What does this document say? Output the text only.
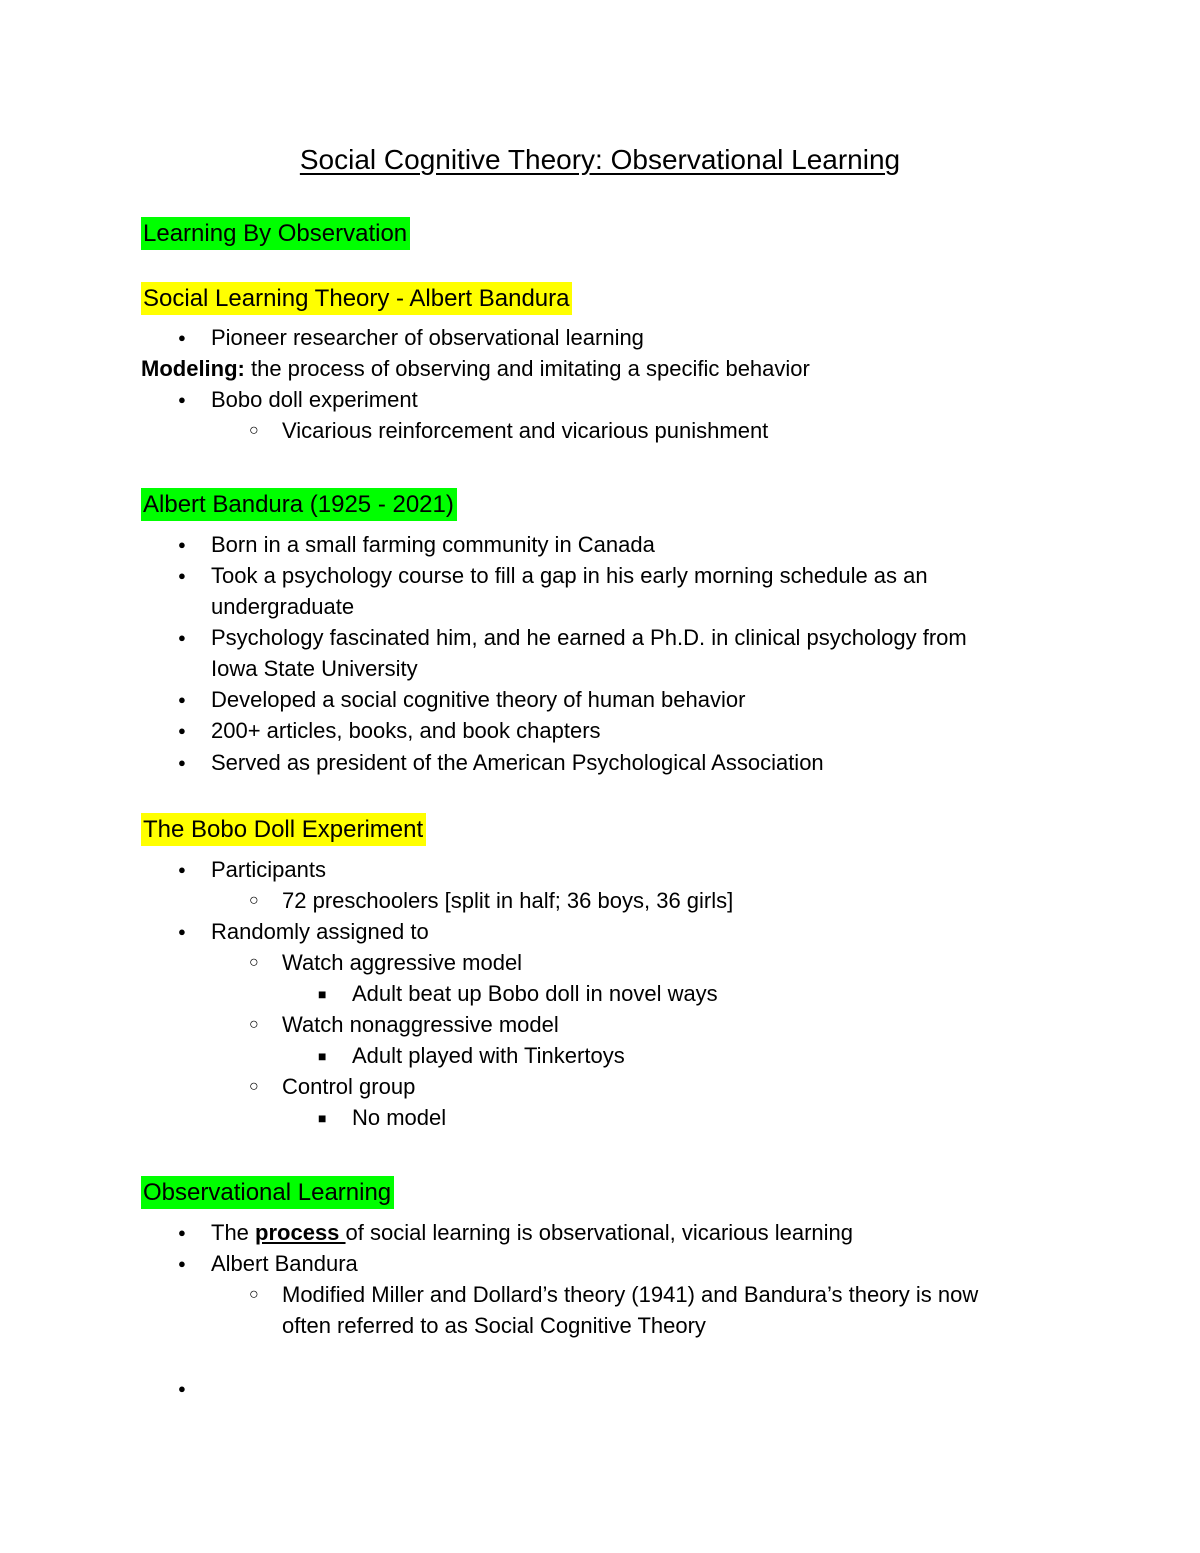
Social Cognitive Theory: Observational Learning
Learning By Observation
Social Learning Theory - Albert Bandura
● Pioneer researcher of observational learning
Modeling: the process of observing and imitating a specific behavior
● Bobo doll experiment
○ Vicarious reinforcement and vicarious punishment
Albert Bandura (1925 - 2021)
● Born in a small farming community in Canada
● Took a psychology course to fill a gap in his early morning schedule as an
undergraduate
● Psychology fascinated him, and he earned a Ph.D. in clinical psychology from
Iowa State University
● Developed a social cognitive theory of human behavior
● 200+ articles, books, and book chapters
● Served as president of the American Psychological Association
The Bobo Doll Experiment
● Participants
○ 72 preschoolers [split in half; 36 boys, 36 girls]
● Randomly assigned to
○ Watch aggressive model
■ Adult beat up Bobo doll in novel ways
○ Watch nonaggressive model
■ Adult played with Tinkertoys
○ Control group
■ No model
Observational Learning
● The process of social learning is observational, vicarious learning
● Albert Bandura
○ Modified Miller and Dollard’s theory (1941) and Bandura’s theory is now
often referred to as Social Cognitive Theory
●
